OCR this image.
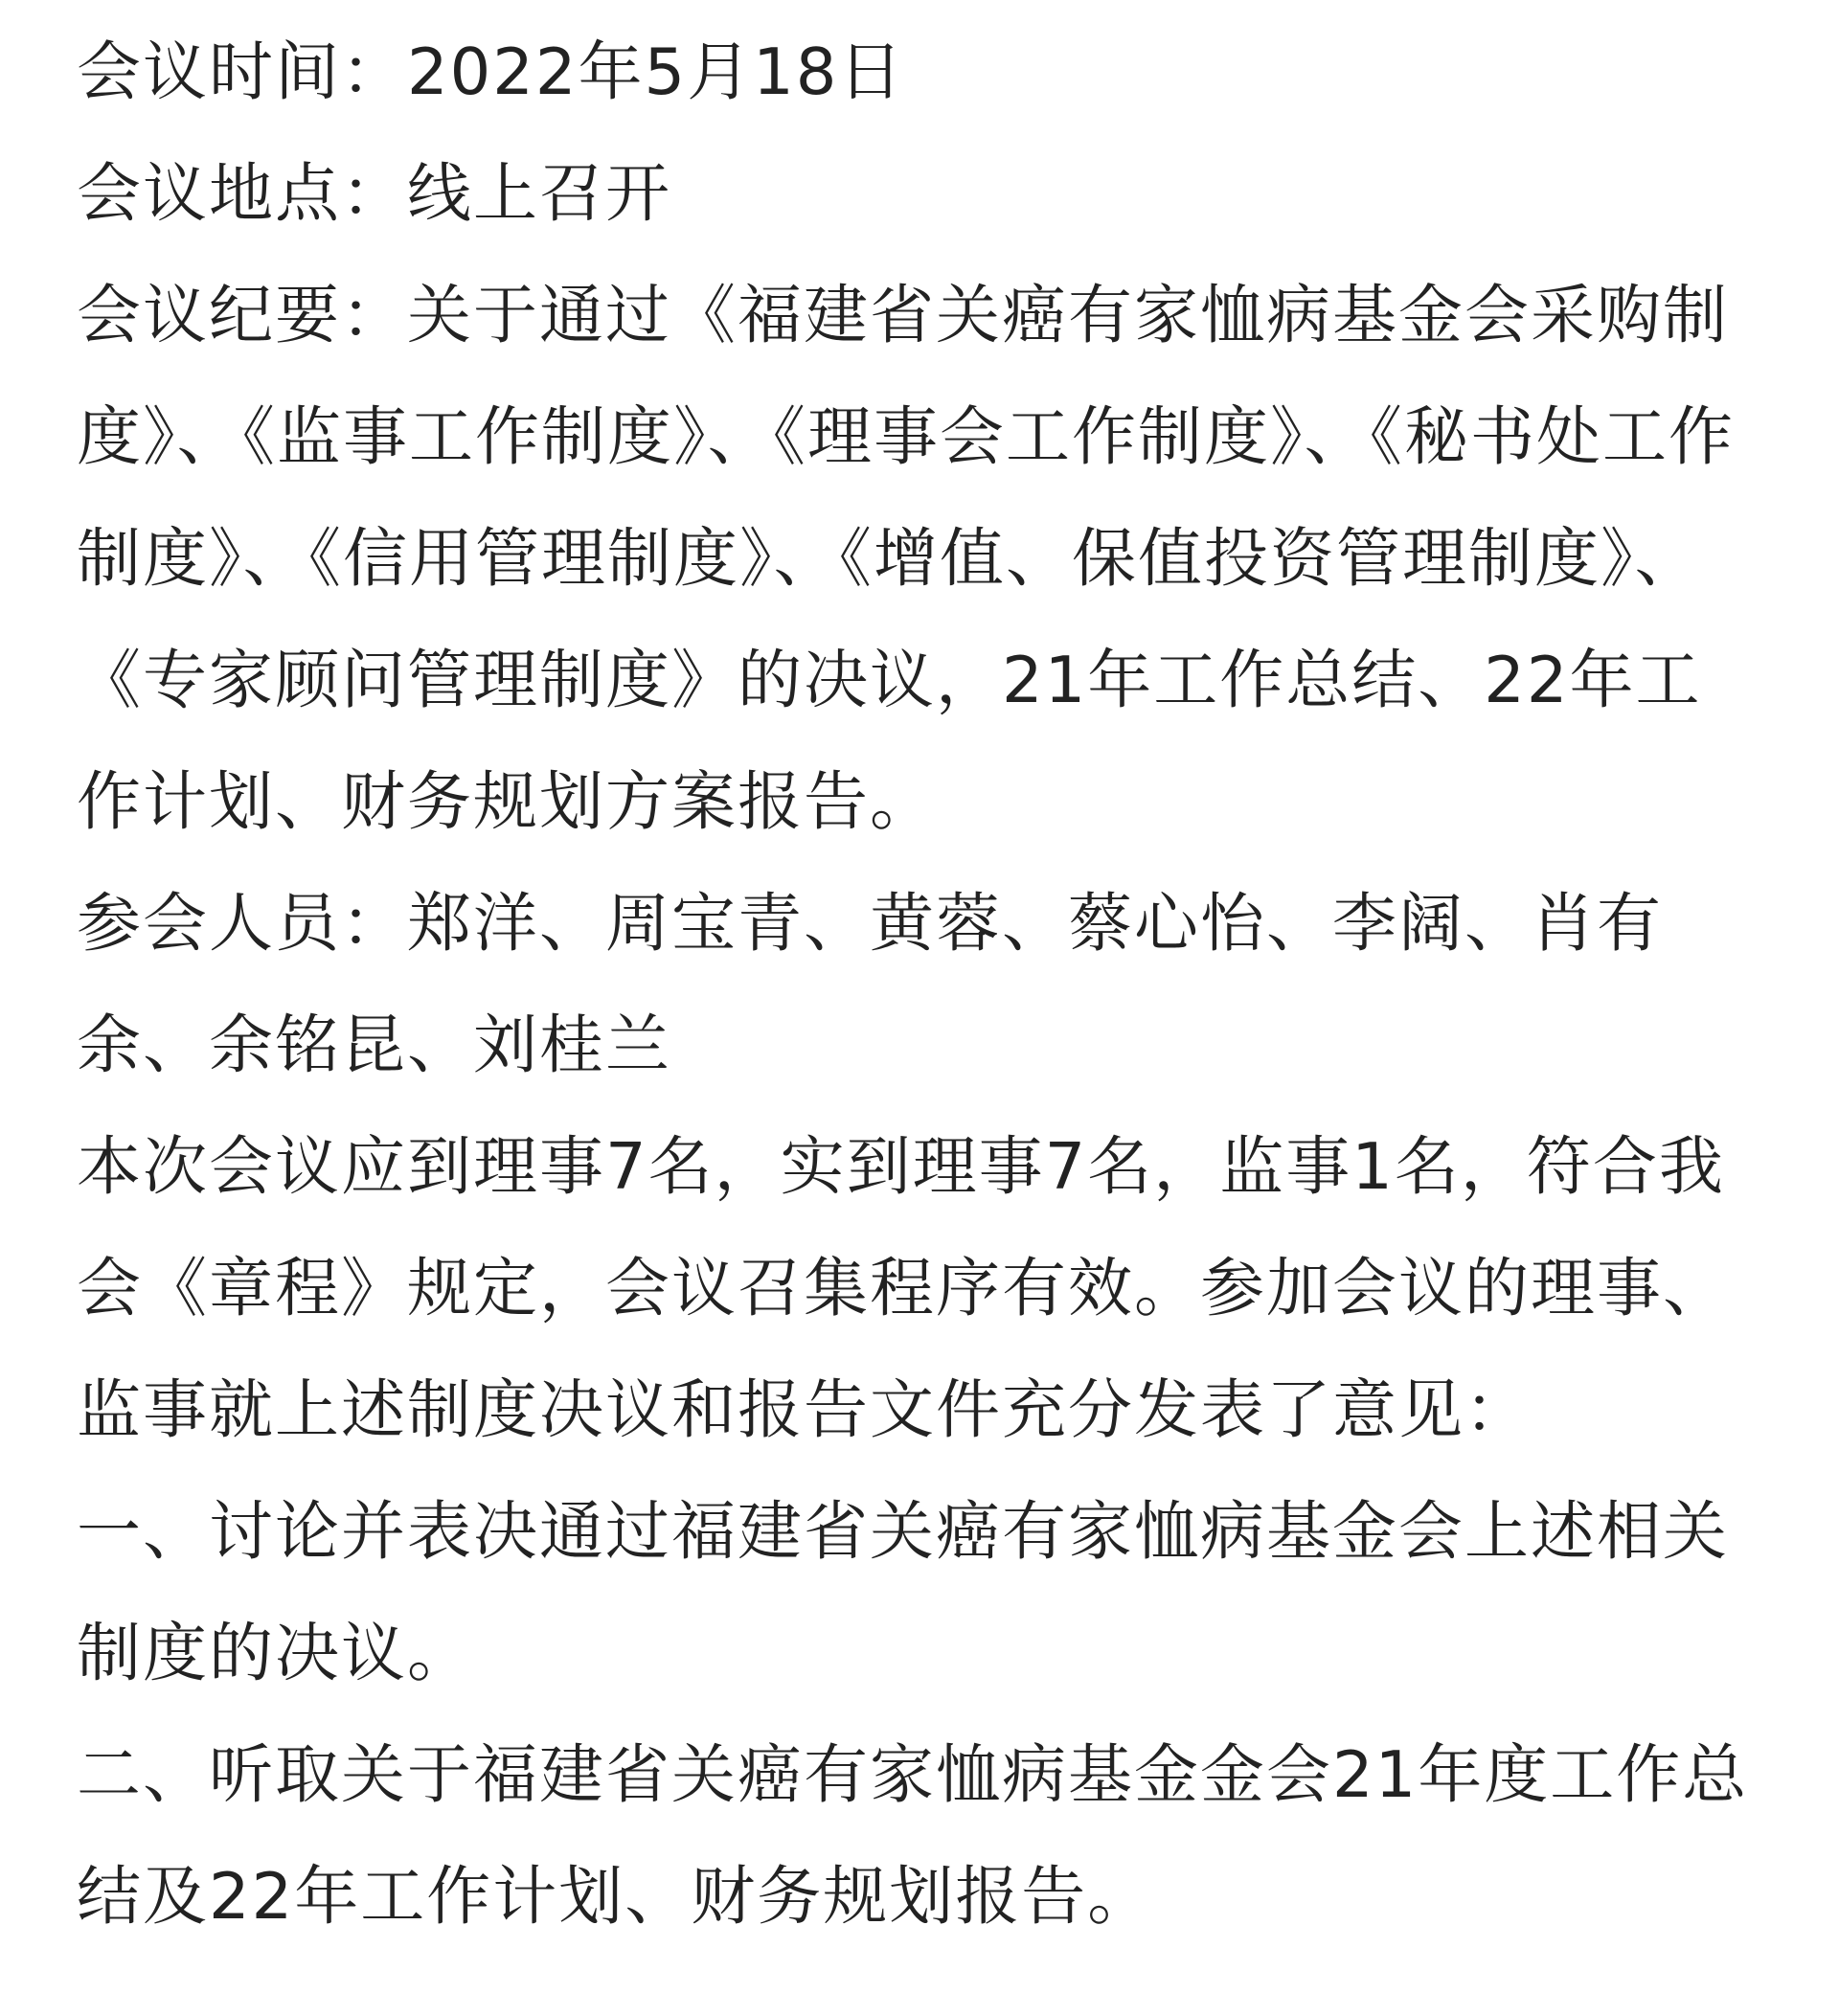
会议时间：2022年5月18日

会议地点：线上召开

会议纪要：关于通过《福建省关癌有家恤病基金会采购制度》、《监事工作制度》、《理事会工作制度》、《秘书处工作制度》、《信用管理制度》、《增值、保值投资管理制度》、《专家顾问管理制度》的决议，21年工作总结、22年工作计划、财务规划方案报告。

参会人员：郑洋、周宝青、黄蓉、蔡心怡、李阔、肖有余、余铭昆、刘桂兰

本次会议应到理事7名，实到理事7名，监事1名，符合我会《章程》规定，会议召集程序有效。参加会议的理事、监事就上述制度决议和报告文件充分发表了意见：

一、讨论并表决通过福建省关癌有家恤病基金会上述相关制度的决议。

二、听取关于福建省关癌有家恤病基金金会21年度工作总结及22年工作计划、财务规划报告。
